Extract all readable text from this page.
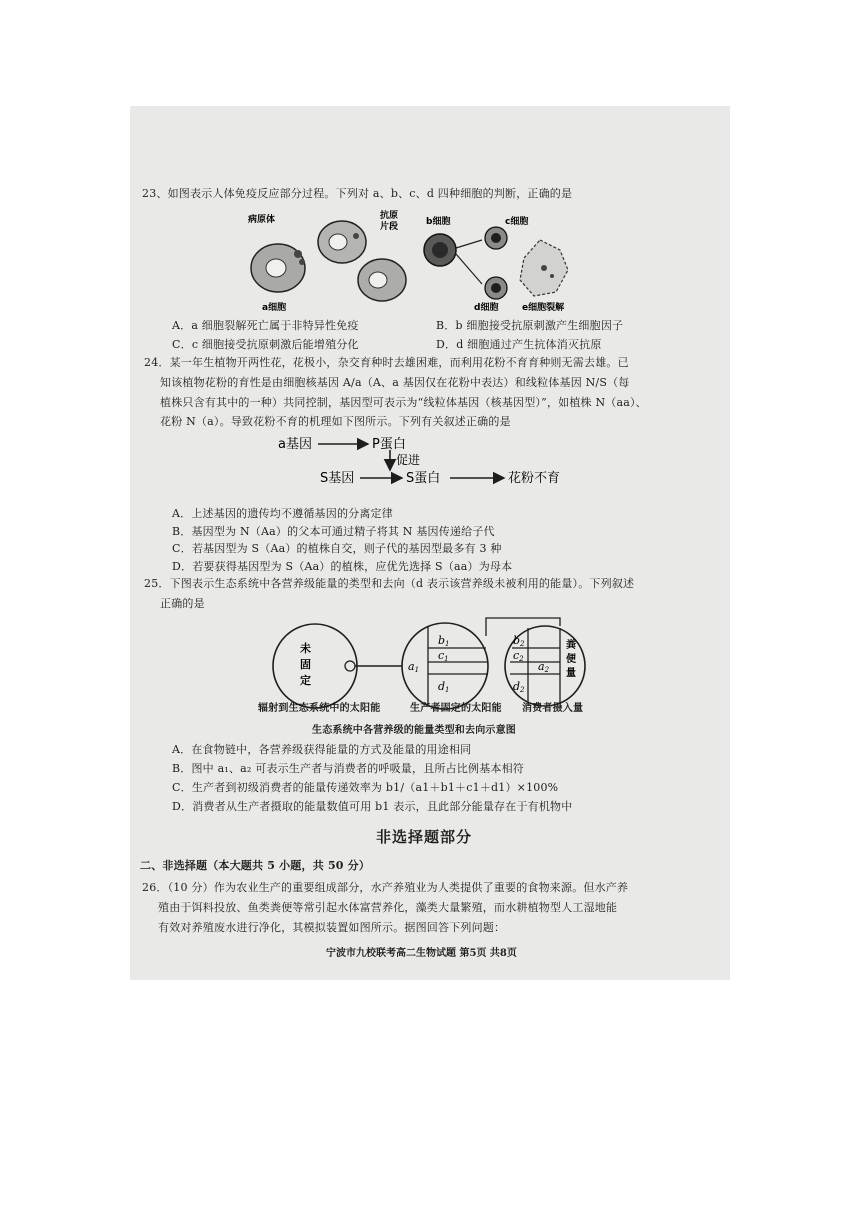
23、如图表示人体免疫反应部分过程。下列对 a、b、c、d 四种细胞的判断，正确的是
病原体	抗原
片段	b细胞	c细胞
a细胞	d细胞	e细胞裂解
A．a 细胞裂解死亡属于非特异性免疫	B．b 细胞接受抗原刺激产生细胞因子
C．c 细胞接受抗原刺激后能增殖分化	D．d 细胞通过产生抗体消灭抗原
24．某一年生植物开两性花，花极小，杂交育种时去雄困难，而利用花粉不育育种则无需去雄。已
知该植物花粉的育性是由细胞核基因 A/a（A、a 基因仅在花粉中表达）和线粒体基因 N/S（每
植株只含有其中的一种）共同控制，基因型可表示为“线粒体基因（核基因型）”，如植株 N（aa）、
花粉 N（a）。导致花粉不育的机理如下图所示。下列有关叙述正确的是
a基因	P蛋白
促进
S基因	S蛋白	花粉不育
A．上述基因的遗传均不遵循基因的分离定律
B．基因型为 N（Aa）的父本可通过精子将其 N 基因传递给子代
C．若基因型为 S（Aa）的植株自交，则子代的基因型最多有 3 种
D．若要获得基因型为 S（Aa）的植株，应优先选择 S（aa）为母本
25．下图表示生态系统中各营养级能量的类型和去向（d 表示该营养级未被利用的能量）。下列叙述
正确的是
未
固
定
a1
b1
c1
d1
b2
c2
d2
a2
粪
便
量
辐射到生态系统中的太阳能	生产者固定的太阳能 消费者摄入量
生态系统中各营养级的能量类型和去向示意图
A．在食物链中，各营养级获得能量的方式及能量的用途相同
B．图中 a₁、a₂ 可表示生产者与消费者的呼吸量，且所占比例基本相符
C．生产者到初级消费者的能量传递效率为 b1/（a1＋b1＋c1＋d1）×100%
D．消费者从生产者摄取的能量数值可用 b1 表示，且此部分能量存在于有机物中
非选择题部分
二、非选择题（本大题共 5 小题，共 50 分）
26．（10 分）作为农业生产的重要组成部分，水产养殖业为人类提供了重要的食物来源。但水产养
殖由于饵料投放、鱼类粪便等常引起水体富营养化，藻类大量繁殖，而水耕植物型人工湿地能
有效对养殖废水进行净化，其模拟装置如图所示。据图回答下列问题：
宁波市九校联考高二生物试题 第5页 共8页
